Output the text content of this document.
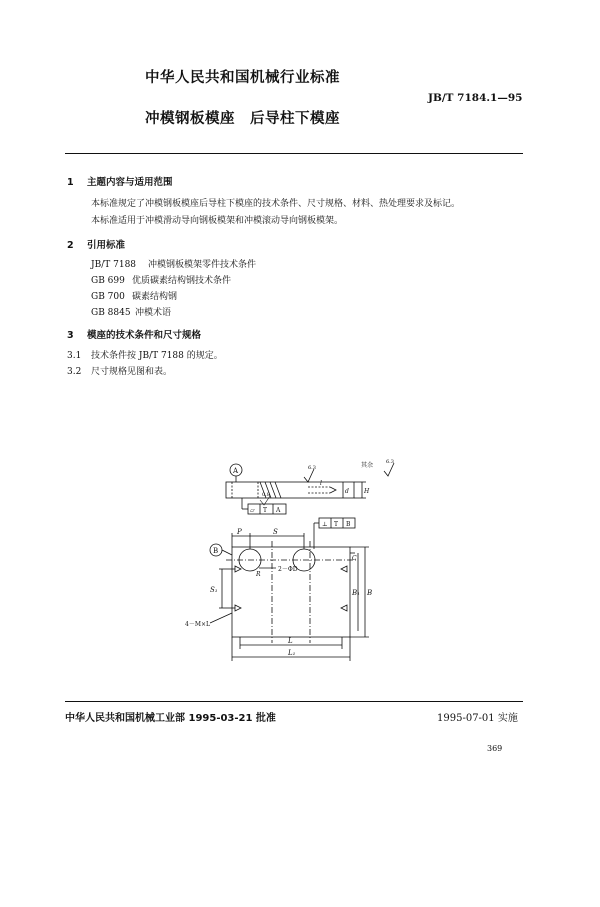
中华人民共和国机械行业标准
JB/T 7184.1—95
冲模钢板模座　后导柱下模座
1 主题内容与适用范围
本标准规定了冲模钢板模座后导柱下模座的技术条件、尺寸规格、材料、热处理要求及标记。
本标准适用于冲模滑动导向钢板模架和冲模滚动导向钢板模架。
2 引用标准
JB/T 7188 冲模钢板模架零件技术条件
GB 699 优质碳素结构钢技术条件
GB 700 碳素结构钢
GB 8845 冲模术语
3 模座的技术条件和尺寸规格
3.1 技术条件按 JB/T 7188 的规定。
3.2 尺寸规格见图和表。
A
B
其余	6.3
6.3
0.8
▱ T A
⊥ T B
2－ΦD
4－M×L
S
P
R
L
L₁
S₁	B
B₁
C
H
d
l
中华人民共和国机械工业部 1995-03-21 批准	1995-07-01 实施
369
